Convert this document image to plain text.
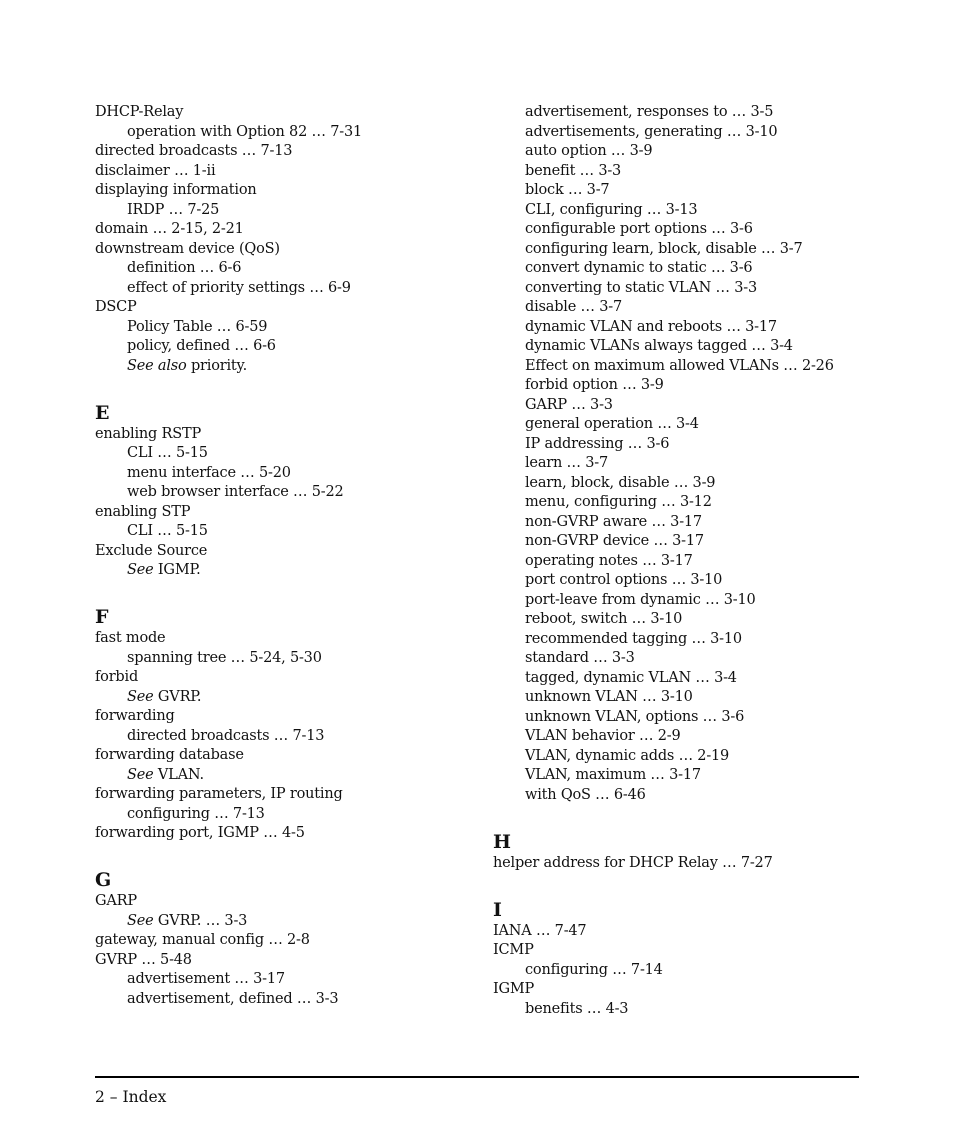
DHCP-Relay
operation with Option 82 … 7-31
directed broadcasts … 7-13
disclaimer … 1-ii
displaying information
IRDP … 7-25
domain … 2-15, 2-21
downstream device (QoS)
definition … 6-6
effect of priority settings … 6-9
DSCP
Policy Table … 6-59
policy, defined … 6-6
See also priority.
E
enabling RSTP
CLI … 5-15
menu interface … 5-20
web browser interface … 5-22
enabling STP
CLI … 5-15
Exclude Source
See IGMP.
F
fast mode
spanning tree … 5-24, 5-30
forbid
See GVRP.
forwarding
directed broadcasts … 7-13
forwarding database
See VLAN.
forwarding parameters, IP routing
configuring … 7-13
forwarding port, IGMP … 4-5
G
GARP
See GVRP. … 3-3
gateway, manual config … 2-8
GVRP … 5-48
advertisement … 3-17
advertisement, defined … 3-3
advertisement, responses to … 3-5
advertisements, generating … 3-10
auto option … 3-9
benefit … 3-3
block … 3-7
CLI, configuring … 3-13
configurable port options … 3-6
configuring learn, block, disable … 3-7
convert dynamic to static … 3-6
converting to static VLAN … 3-3
disable … 3-7
dynamic VLAN and reboots … 3-17
dynamic VLANs always tagged … 3-4
Effect on maximum allowed VLANs … 2-26
forbid option … 3-9
GARP … 3-3
general operation … 3-4
IP addressing … 3-6
learn … 3-7
learn, block, disable … 3-9
menu, configuring … 3-12
non-GVRP aware … 3-17
non-GVRP device … 3-17
operating notes … 3-17
port control options … 3-10
port-leave from dynamic … 3-10
reboot, switch … 3-10
recommended tagging … 3-10
standard … 3-3
tagged, dynamic VLAN … 3-4
unknown VLAN … 3-10
unknown VLAN, options … 3-6
VLAN behavior … 2-9
VLAN, dynamic adds … 2-19
VLAN, maximum … 3-17
with QoS … 6-46
H
helper address for DHCP Relay … 7-27
I
IANA … 7-47
ICMP
configuring … 7-14
IGMP
benefits … 4-3
2 – Index
